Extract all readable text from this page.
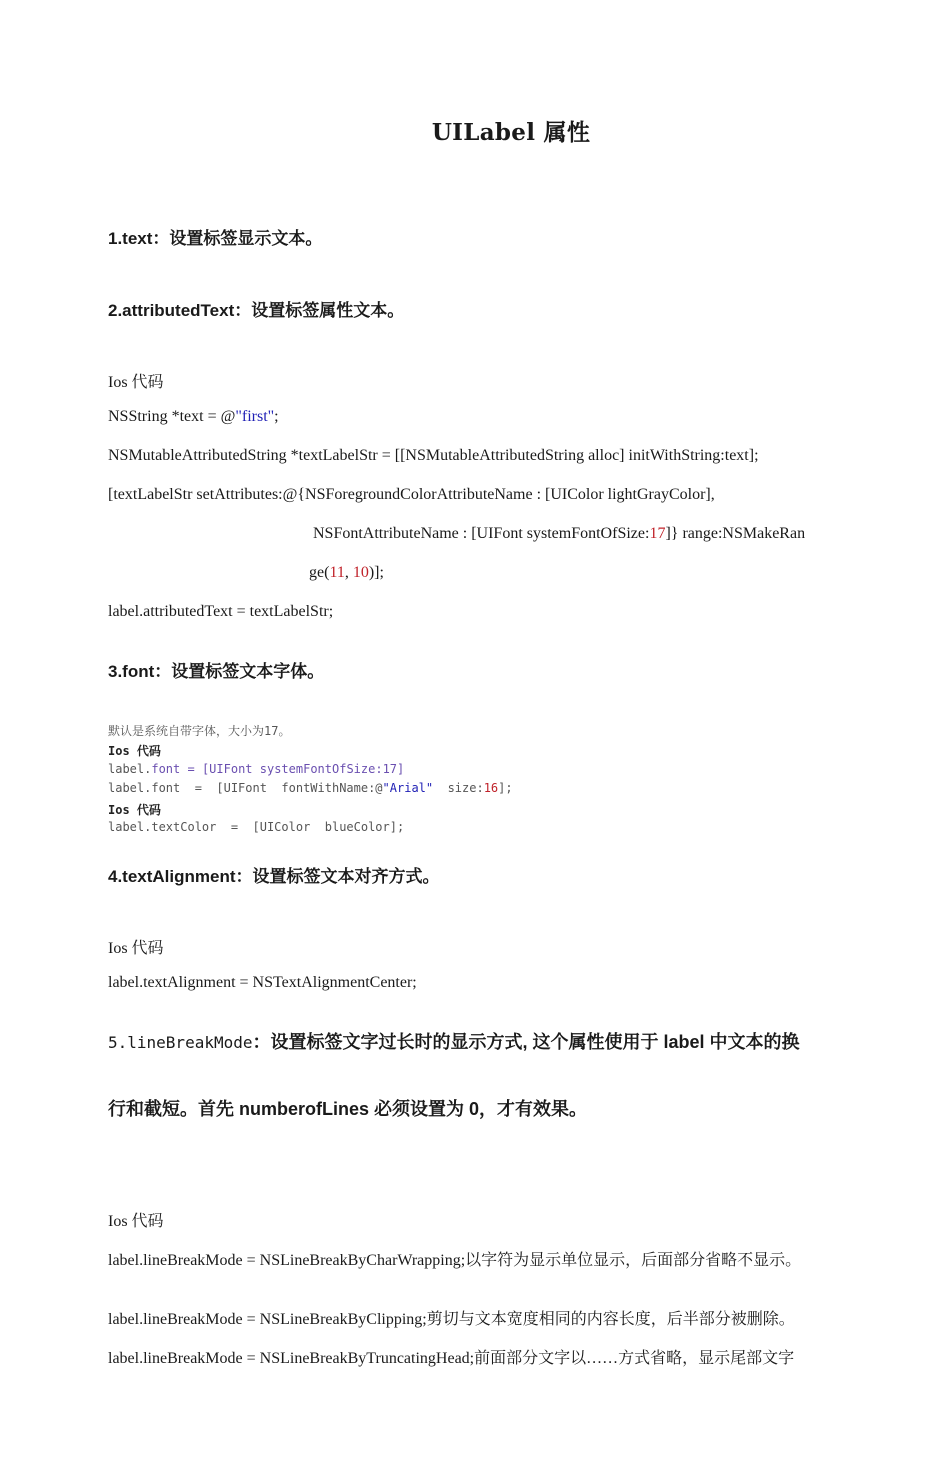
UILabel 属性
1.text：设置标签显示文本。
2.attributedText：设置标签属性文本。
Ios 代码
NSString *text = @"first";
NSMutableAttributedString *textLabelStr = [[NSMutableAttributedString alloc] initWithString:text];
[textLabelStr setAttributes:@{NSForegroundColorAttributeName : [UIColor lightGrayColor],
NSFontAttributeName : [UIFont systemFontOfSize:17]} range:NSMakeRan
ge(11, 10)];
label.attributedText = textLabelStr;
3.font：设置标签文本字体。
默认是系统自带字体，大小为17。
Ios 代码
label.font = [UIFont systemFontOfSize:17]
label.font  =  [UIFont  fontWithName:@"Arial"  size:16];
Ios 代码
label.textColor  =  [UIColor  blueColor];
4.textAlignment：设置标签文本对齐方式。
Ios 代码
label.textAlignment = NSTextAlignmentCenter;
5.lineBreakMode：设置标签文字过长时的显示方式, 这个属性使用于 label 中文本的换
行和截短。首先 numberofLines 必须设置为 0，才有效果。
Ios 代码
label.lineBreakMode = NSLineBreakByCharWrapping;以字符为显示单位显示，后面部分省略不显示。
label.lineBreakMode = NSLineBreakByClipping;剪切与文本宽度相同的内容长度，后半部分被删除。
label.lineBreakMode = NSLineBreakByTruncatingHead;前面部分文字以……方式省略，显示尾部文字
